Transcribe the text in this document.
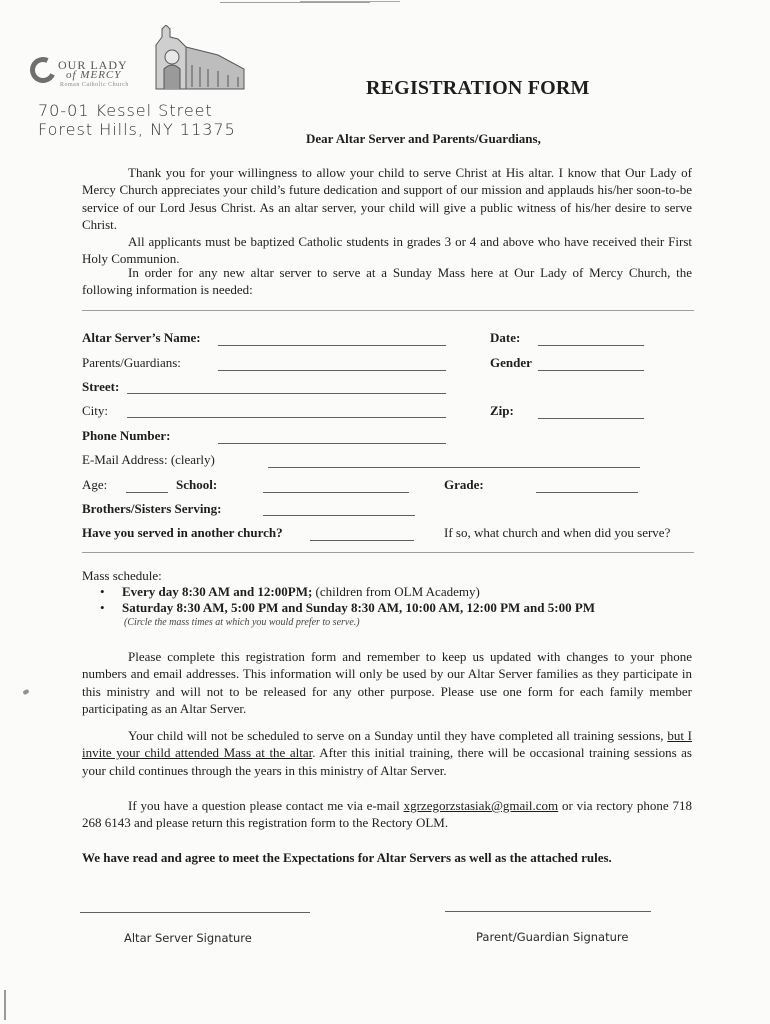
OUR LADY
of MERCY
Roman Catholic Church
70-01 Kessel Street
Forest Hills, NY 11375
REGISTRATION FORM
Dear Altar Server and Parents/Guardians,
Thank you for your willingness to allow your child to serve Christ at His altar. I know that Our Lady of Mercy Church appreciates your child’s future dedication and support of our mission and applauds his/her soon-to-be service of our Lord Jesus Christ. As an altar server, your child will give a public witness of his/her desire to serve Christ.
All applicants must be baptized Catholic students in grades 3 or 4 and above who have received their First Holy Communion.
In order for any new altar server to serve at a Sunday Mass here at Our Lady of Mercy Church, the following information is needed:
Altar Server’s Name:	Date:
Parents/Guardians:	Gender
Street:
City:	Zip:
Phone Number:
E-Mail Address: (clearly)
Age:	School:	Grade:
Brothers/Sisters Serving:
Have you served in another church?	If so, what church and when did you serve?
Mass schedule:
• Every day 8:30 AM and 12:00PM; (children from OLM Academy)
• Saturday 8:30 AM, 5:00 PM and Sunday 8:30 AM, 10:00 AM, 12:00 PM and 5:00 PM
(Circle the mass times at which you would prefer to serve.)
Please complete this registration form and remember to keep us updated with changes to your phone numbers and email addresses. This information will only be used by our Altar Server families as they participate in this ministry and will not to be released for any other purpose. Please use one form for each family member participating as an Altar Server.
Your child will not be scheduled to serve on a Sunday until they have completed all training sessions, but I invite your child attended Mass at the altar. After this initial training, there will be occasional training sessions as your child continues through the years in this ministry of Altar Server.
If you have a question please contact me via e-mail xgrzegorzstasiak@gmail.com or via rectory phone 718 268 6143 and please return this registration form to the Rectory OLM.
We have read and agree to meet the Expectations for Altar Servers as well as the attached rules.
Altar Server Signature	Parent/Guardian Signature
